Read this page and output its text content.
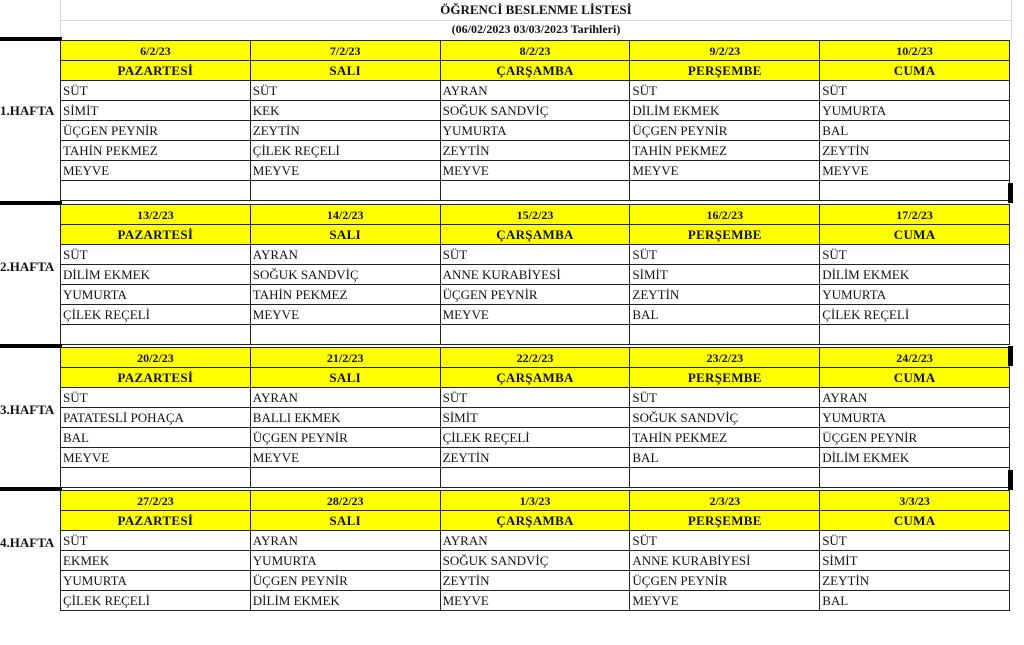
ÖĞRENCİ BESLENME LİSTESİ
(06/02/2023 03/03/2023 Tarihleri)
1.HAFTA
6/2/23	7/2/23	8/2/23	9/2/23	10/2/23
PAZARTESİ	SALI	ÇARŞAMBA	PERŞEMBE	CUMA
SÜT	SÜT	AYRAN	SÜT	SÜT
SİMİT	KEK	SOĞUK SANDVİÇ	DİLİM EKMEK	YUMURTA
ÜÇGEN PEYNİR	ZEYTİN	YUMURTA	ÜÇGEN PEYNİR	BAL
TAHİN PEKMEZ	ÇİLEK REÇELİ	ZEYTİN	TAHİN PEKMEZ	ZEYTİN
MEYVE	MEYVE	MEYVE	MEYVE	MEYVE

2.HAFTA
13/2/23	14/2/23	15/2/23	16/2/23	17/2/23
PAZARTESİ	SALI	ÇARŞAMBA	PERŞEMBE	CUMA
SÜT	AYRAN	SÜT	SÜT	SÜT
DİLİM EKMEK	SOĞUK SANDVİÇ	ANNE KURABİYESİ	SİMİT	DİLİM EKMEK
YUMURTA	TAHİN PEKMEZ	ÜÇGEN PEYNİR	ZEYTİN	YUMURTA
ÇİLEK REÇELİ	MEYVE	MEYVE	BAL	ÇİLEK REÇELİ

3.HAFTA
20/2/23	21/2/23	22/2/23	23/2/23	24/2/23
PAZARTESİ	SALI	ÇARŞAMBA	PERŞEMBE	CUMA
SÜT	AYRAN	SÜT	SÜT	AYRAN
PATATESLİ POHAÇA	BALLI EKMEK	SİMİT	SOĞUK SANDVİÇ	YUMURTA
BAL	ÜÇGEN PEYNİR	ÇİLEK REÇELİ	TAHİN PEKMEZ	ÜÇGEN PEYNİR
MEYVE	MEYVE	ZEYTİN	BAL	DİLİM EKMEK

4.HAFTA
27/2/23	28/2/23	1/3/23	2/3/23	3/3/23
PAZARTESİ	SALI	ÇARŞAMBA	PERŞEMBE	CUMA
SÜT	AYRAN	AYRAN	SÜT	SÜT
EKMEK	YUMURTA	SOĞUK SANDVİÇ	ANNE KURABİYESİ	SİMİT
YUMURTA	ÜÇGEN PEYNİR	ZEYTİN	ÜÇGEN PEYNİR	ZEYTİN
ÇİLEK REÇELİ	DİLİM EKMEK	MEYVE	MEYVE	BAL
